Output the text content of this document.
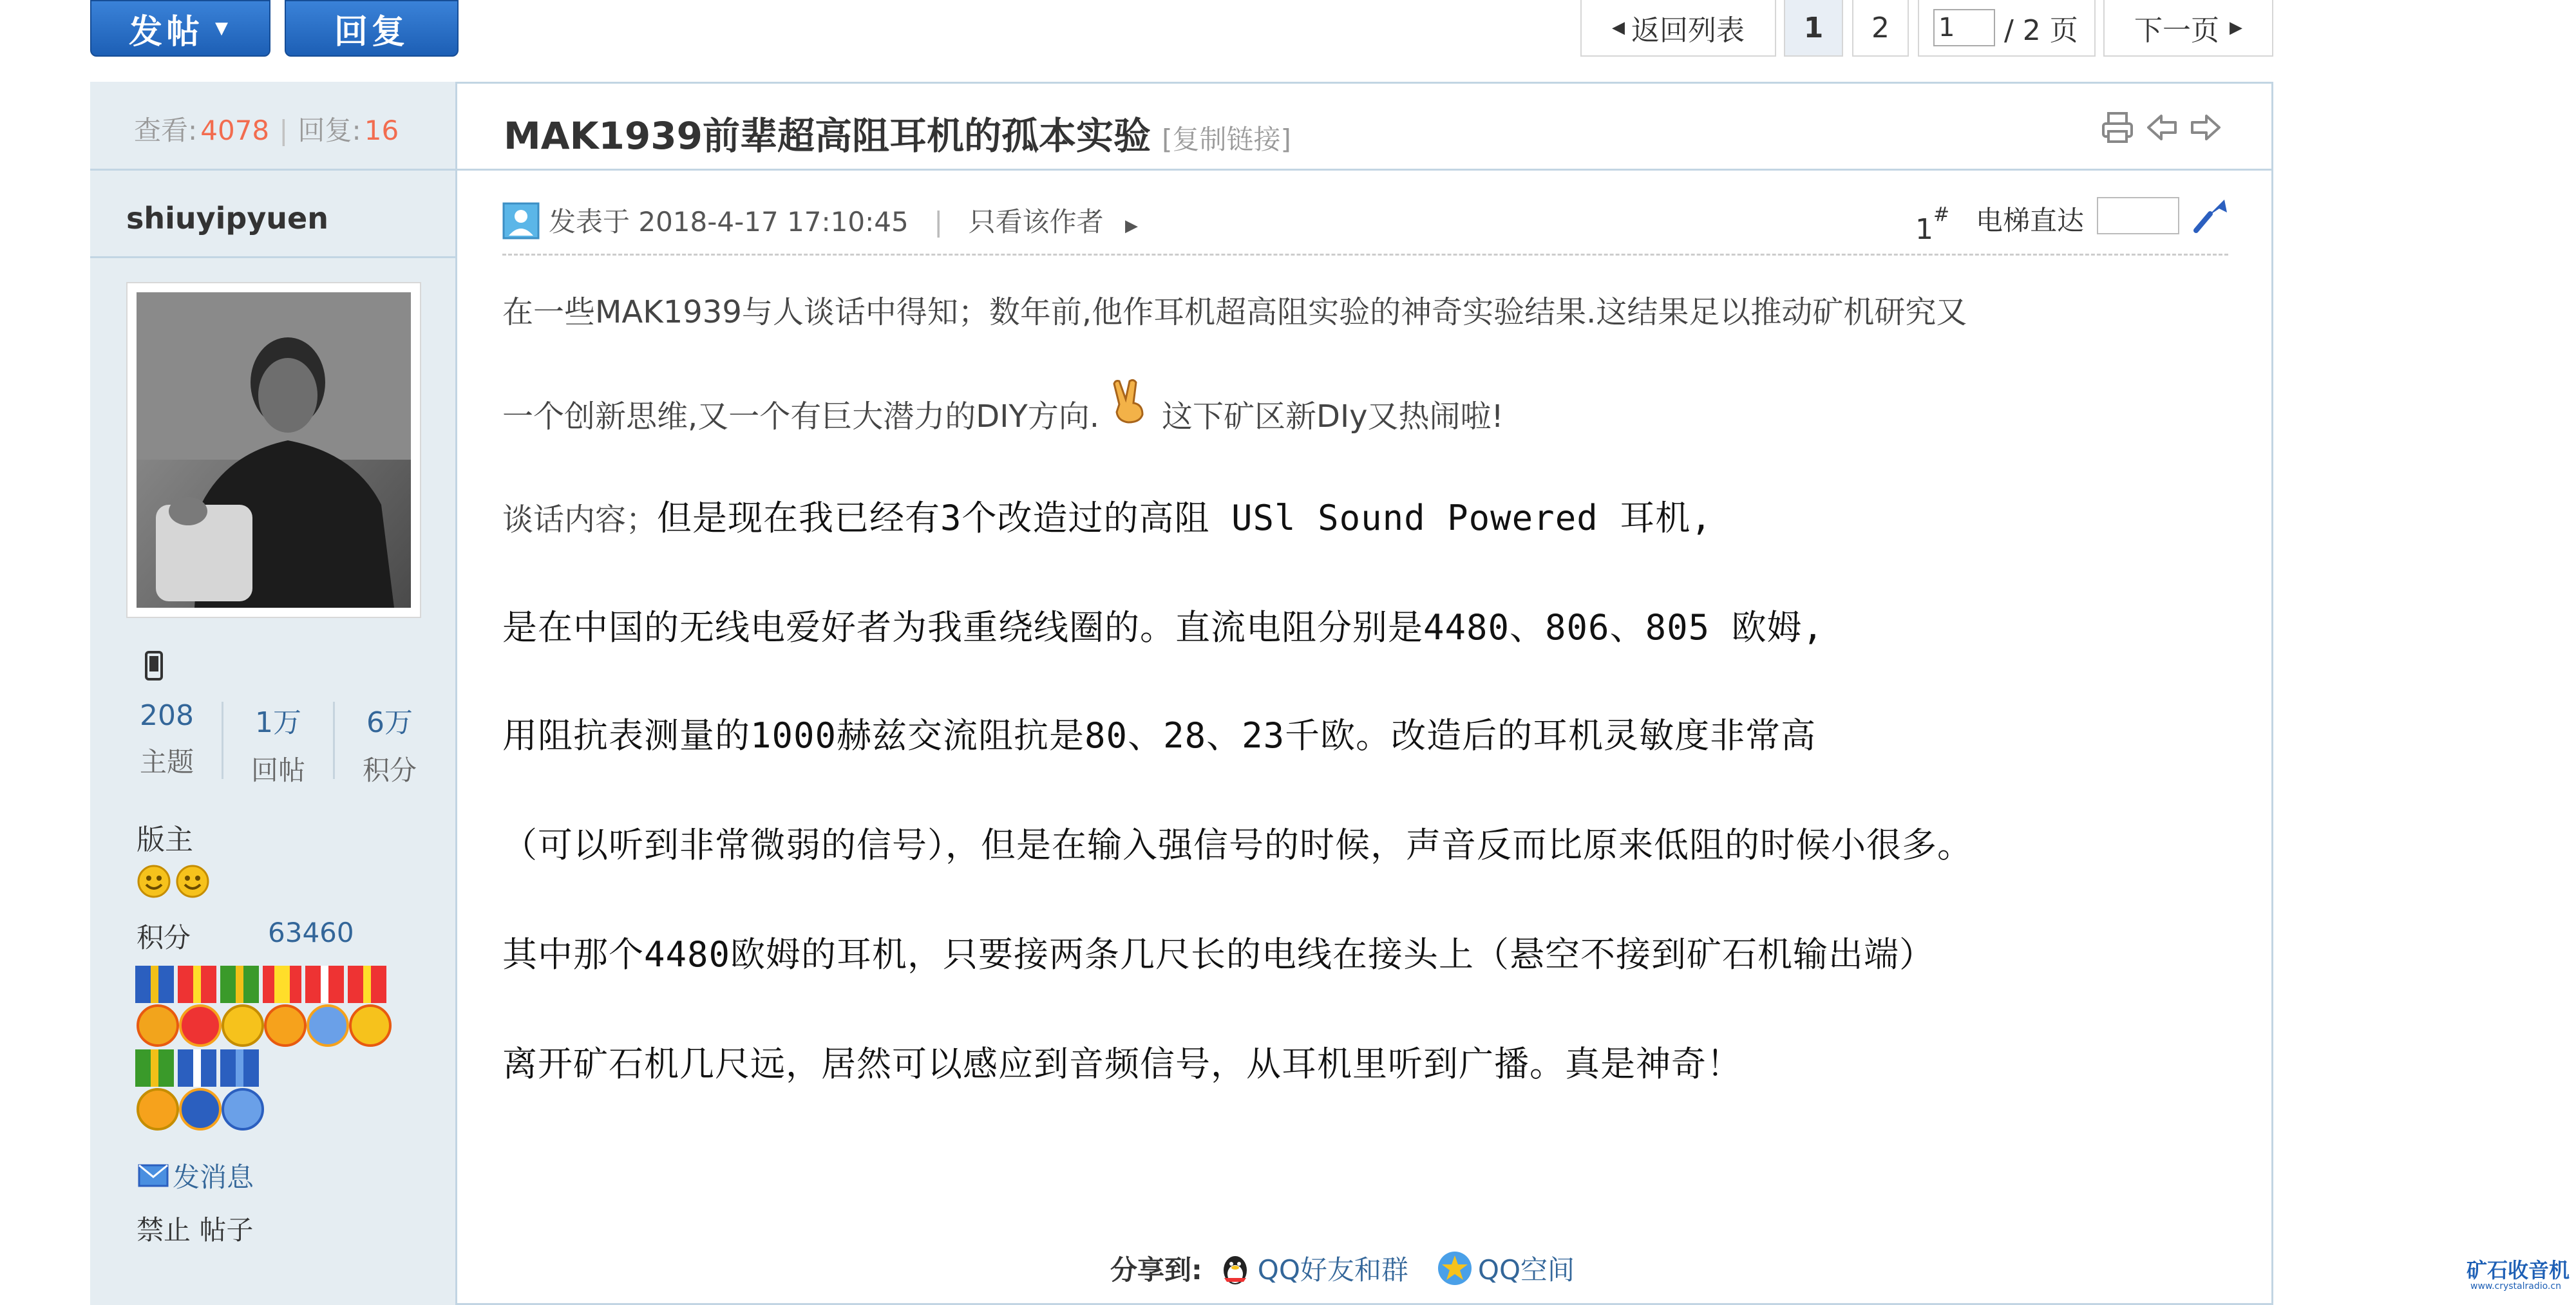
发帖 ▼	回复	◀ 返回列表 1 2
1	/ 2 页 下一页 ▶
查看: 4078 | 回复: 16	MAK1939前辈超高阻耳机的孤本实验 [复制链接]
shiuyipyuen
208
主题
1万
回帖
6万
积分
版主
积分	63460
发消息
禁止 帖子
发表于 2018-4-17 17:10:45 | 只看该作者 ▶	1# 电梯直达
在一些MAK1939与人谈话中得知；数年前,他作耳机超高阻实验的神奇实验结果.这结果足以推动矿机研究又
一个创新思维,又一个有巨大潜力的DIY方向. 这下矿区新DIy又热闹啦!
谈话内容；但是现在我已经有3个改造过的高阻 USl Sound Powered 耳机,
是在中国的无线电爱好者为我重绕线圈的。直流电阻分别是4480、806、805 欧姆,
用阻抗表测量的1000赫兹交流阻抗是80、28、23千欧。改造后的耳机灵敏度非常高
（可以听到非常微弱的信号），但是在输入强信号的时候，声音反而比原来低阻的时候小很多。
其中那个4480欧姆的耳机，只要接两条几尺长的电线在接头上（悬空不接到矿石机输出端）
离开矿石机几尺远，居然可以感应到音频信号，从耳机里听到广播。真是神奇！
分享到: QQ好友和群	QQ空间	矿石收音机
www.crystalradio.cn
